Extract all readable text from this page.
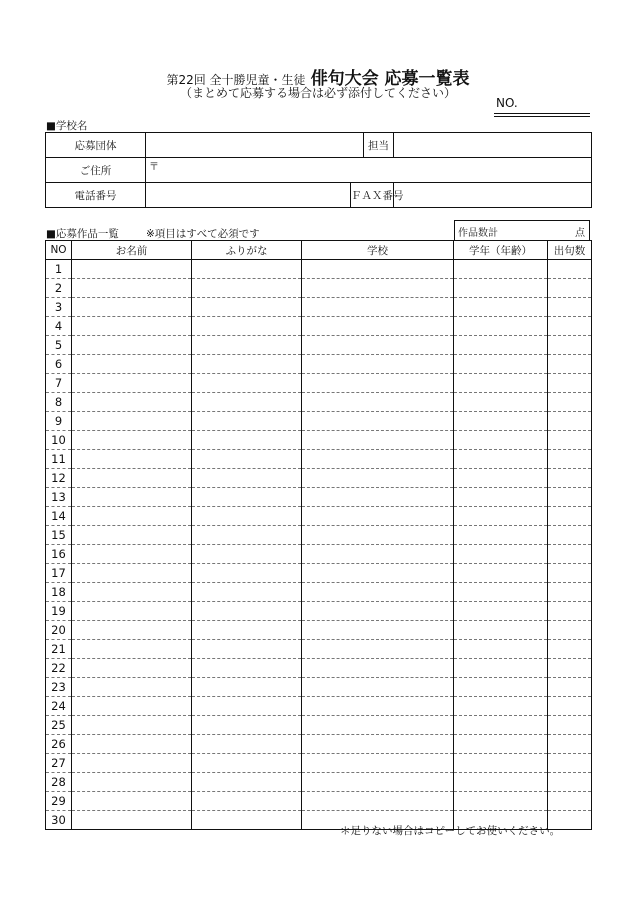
第22回 全十勝児童・生徒 俳句大会 応募一覧表
（まとめて応募する場合は必ず添付してください）
NO.
■学校名
応募団体			担当	
ご住所	〒			
電話番号		ＦＡＸ番号		
■応募作品一覧	※項目はすべて必須です	作品数計	点
NO	お名前	ふりがな	学校	学年（年齢）	出句数
1					
2					
3					
4					
5					
6					
7					
8					
9					
10					
11					
12					
13					
14					
15					
16					
17					
18					
19					
20					
21					
22					
23					
24					
25					
26					
27					
28					
29					
30					
＊足りない場合はコピーしてお使いください。
